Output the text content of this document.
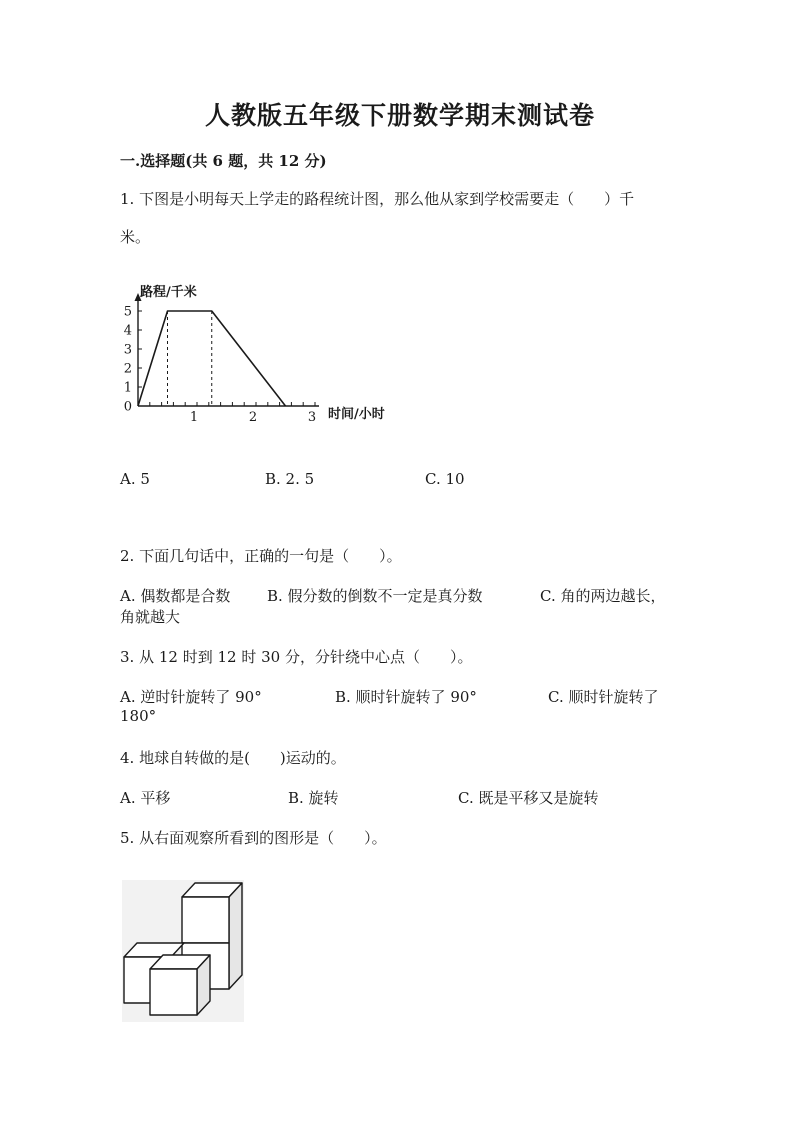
人教版五年级下册数学期末测试卷
一.选择题(共 6 题，共 12 分)
1. 下图是小明每天上学走的路程统计图，那么他从家到学校需要走（　　）千
米。
0
1
2
3
4
5
1	2	3
路程/千米
时间/小时
A. 5	B. 2. 5	C. 10
2. 下面几句话中，正确的一句是（　　）。
A. 偶数都是合数 B. 假分数的倒数不一定是真分数	C. 角的两边越长，
角就越大
3. 从 12 时到 12 时 30 分，分针绕中心点（　　）。
A. 逆时针旋转了 90°	B. 顺时针旋转了 90°	C. 顺时针旋转了
180°
4. 地球自转做的是(　　)运动的。
A. 平移	B. 旋转	C. 既是平移又是旋转
5. 从右面观察所看到的图形是（　　）。
